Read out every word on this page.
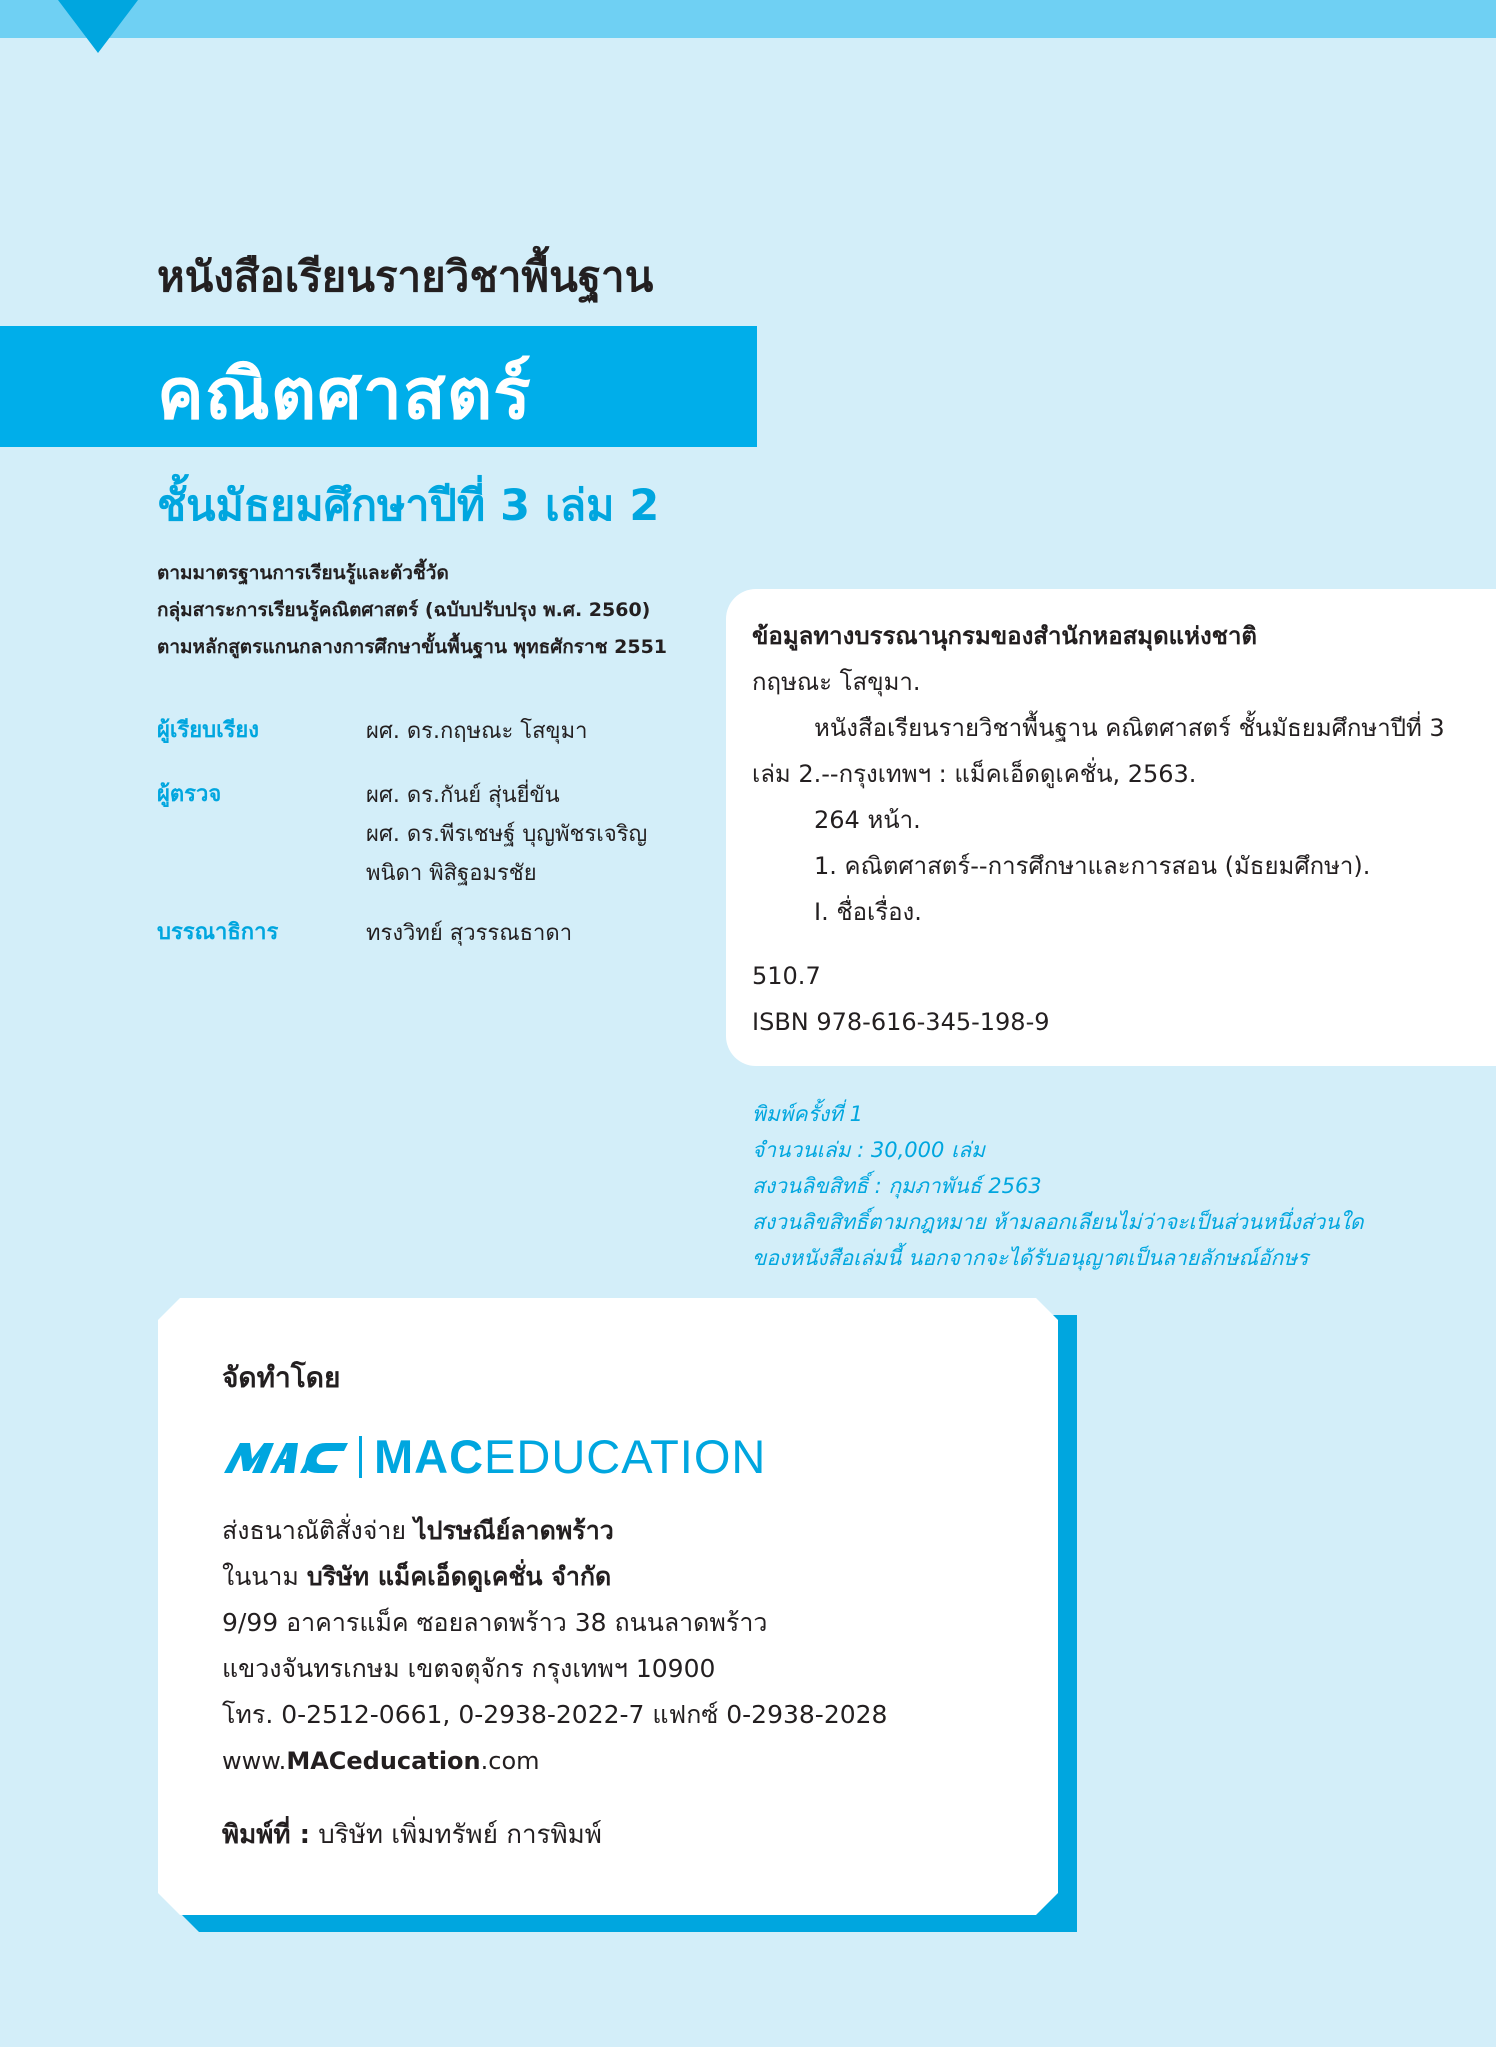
หนังสือเรียนรายวิชาพื้นฐาน
คณิตศาสตร์
ชั้นมัธยมศึกษาปีที่ 3 เล่ม 2
ตามมาตรฐานการเรียนรู้และตัวชี้วัด
กลุ่มสาระการเรียนรู้คณิตศาสตร์ (ฉบับปรับปรุง พ.ศ. 2560)
ตามหลักสูตรแกนกลางการศึกษาขั้นพื้นฐาน พุทธศักราช 2551
ผู้เรียบเรียง	ผศ. ดร.กฤษณะ โสขุมา
ผู้ตรวจ	ผศ. ดร.กันย์ สุ่นยี่ขัน
ผศ. ดร.พีรเชษฐ์ บุญพัชรเจริญ
พนิดา พิสิฐอมรชัย
บรรณาธิการ	ทรงวิทย์ สุวรรณธาดา
ข้อมูลทางบรรณานุกรมของสำนักหอสมุดแห่งชาติ
กฤษณะ โสขุมา.
หนังสือเรียนรายวิชาพื้นฐาน คณิตศาสตร์ ชั้นมัธยมศึกษาปีที่ 3
เล่ม 2.--กรุงเทพฯ : แม็คเอ็ดดูเคชั่น, 2563.
264 หน้า.
1. คณิตศาสตร์--การศึกษาและการสอน (มัธยมศึกษา).
I. ชื่อเรื่อง.
510.7
ISBN 978-616-345-198-9
พิมพ์ครั้งที่ 1
จำนวนเล่ม : 30,000 เล่ม
สงวนลิขสิทธิ์ : กุมภาพันธ์ 2563
สงวนลิขสิทธิ์ตามกฎหมาย ห้ามลอกเลียนไม่ว่าจะเป็นส่วนหนึ่งส่วนใด
ของหนังสือเล่มนี้ นอกจากจะได้รับอนุญาตเป็นลายลักษณ์อักษร
จัดทำโดย
MACEDUCATION
ส่งธนาณัติสั่งจ่าย ไปรษณีย์ลาดพร้าว
ในนาม บริษัท แม็คเอ็ดดูเคชั่น จำกัด
9/99 อาคารแม็ค ซอยลาดพร้าว 38 ถนนลาดพร้าว
แขวงจันทรเกษม เขตจตุจักร กรุงเทพฯ 10900
โทร. 0-2512-0661, 0-2938-2022-7 แฟกซ์ 0-2938-2028
www.MACeducation.com
พิมพ์ที่ : บริษัท เพิ่มทรัพย์ การพิมพ์
